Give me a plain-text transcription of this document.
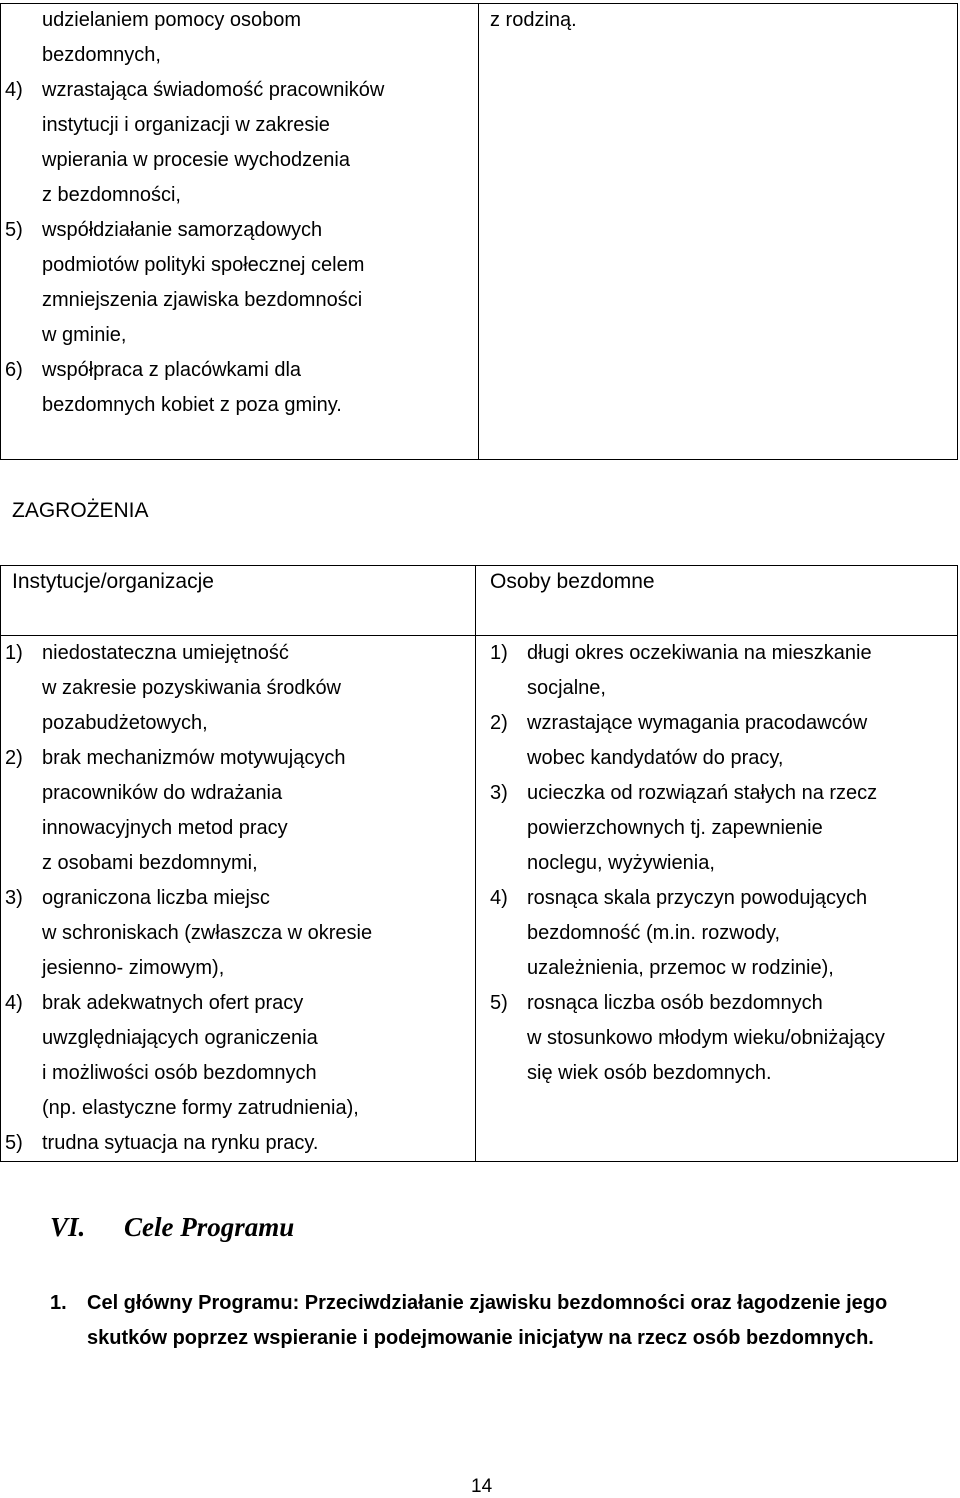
udzielaniem pomocy osobom
bezdomnych,
4) wzrastająca świadomość pracowników
instytucji i organizacji w zakresie
wpierania w procesie wychodzenia
z bezdomności,
5) współdziałanie samorządowych
podmiotów polityki społecznej celem
zmniejszenia zjawiska bezdomności
w gminie,
6) współpraca z placówkami dla
bezdomnych kobiet z poza gminy.
z rodziną.
ZAGROŻENIA
Instytucje/organizacje	Osoby bezdomne
1) niedostateczna umiejętność
w zakresie pozyskiwania środków
pozabudżetowych,
2) brak mechanizmów motywujących
pracowników do wdrażania
innowacyjnych metod pracy
z osobami bezdomnymi,
3) ograniczona liczba miejsc
w schroniskach (zwłaszcza w okresie
jesienno- zimowym),
4) brak adekwatnych ofert pracy
uwzględniających ograniczenia
i możliwości osób bezdomnych
(np. elastyczne formy zatrudnienia),
5) trudna sytuacja na rynku pracy.
1) długi okres oczekiwania na mieszkanie
socjalne,
2) wzrastające wymagania pracodawców
wobec kandydatów do pracy,
3) ucieczka od rozwiązań stałych na rzecz
powierzchownych tj. zapewnienie
noclegu, wyżywienia,
4) rosnąca skala przyczyn powodujących
bezdomność (m.in. rozwody,
uzależnienia, przemoc w rodzinie),
5) rosnąca liczba osób bezdomnych
w stosunkowo młodym wieku/obniżający
się wiek osób bezdomnych.
VI. Cele Programu
1. Cel główny Programu: Przeciwdziałanie zjawisku bezdomności oraz łagodzenie jego
skutków poprzez wspieranie i podejmowanie inicjatyw na rzecz osób bezdomnych.
14
